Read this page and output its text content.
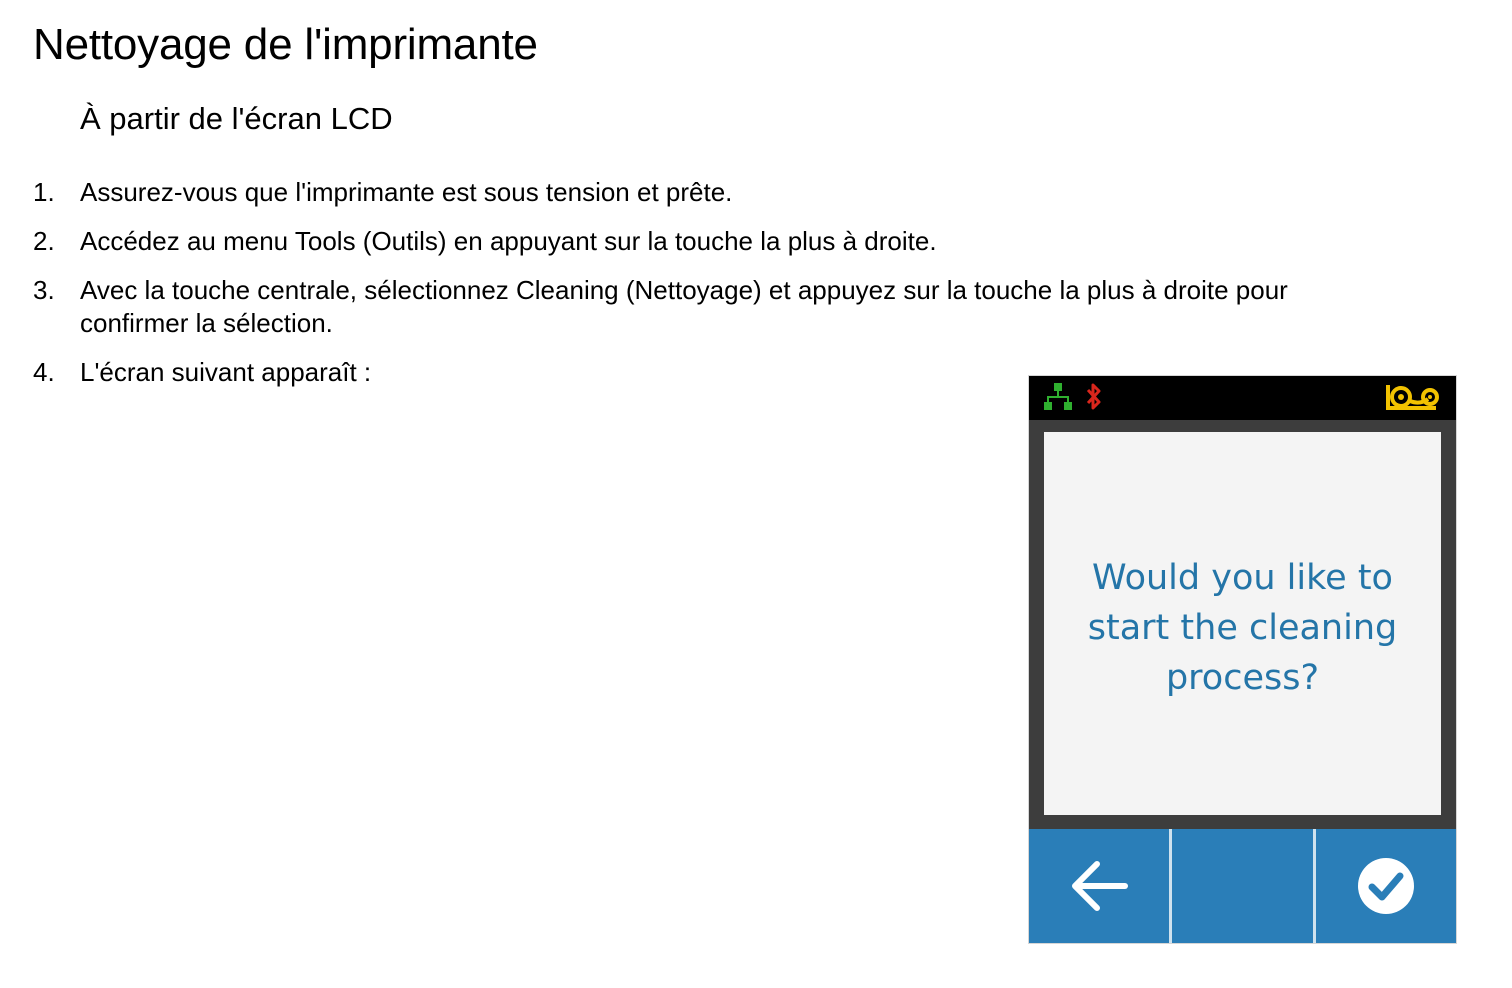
Nettoyage de l'imprimante
À partir de l'écran LCD
1. Assurez-vous que l'imprimante est sous tension et prête.
2. Accédez au menu Tools (Outils) en appuyant sur la touche la plus à droite.
3. Avec la touche centrale, sélectionnez Cleaning (Nettoyage) et appuyez sur la touche la plus à droite pour confirmer la sélection.
4. L'écran suivant apparaît :
Would you like to start the cleaning process?
